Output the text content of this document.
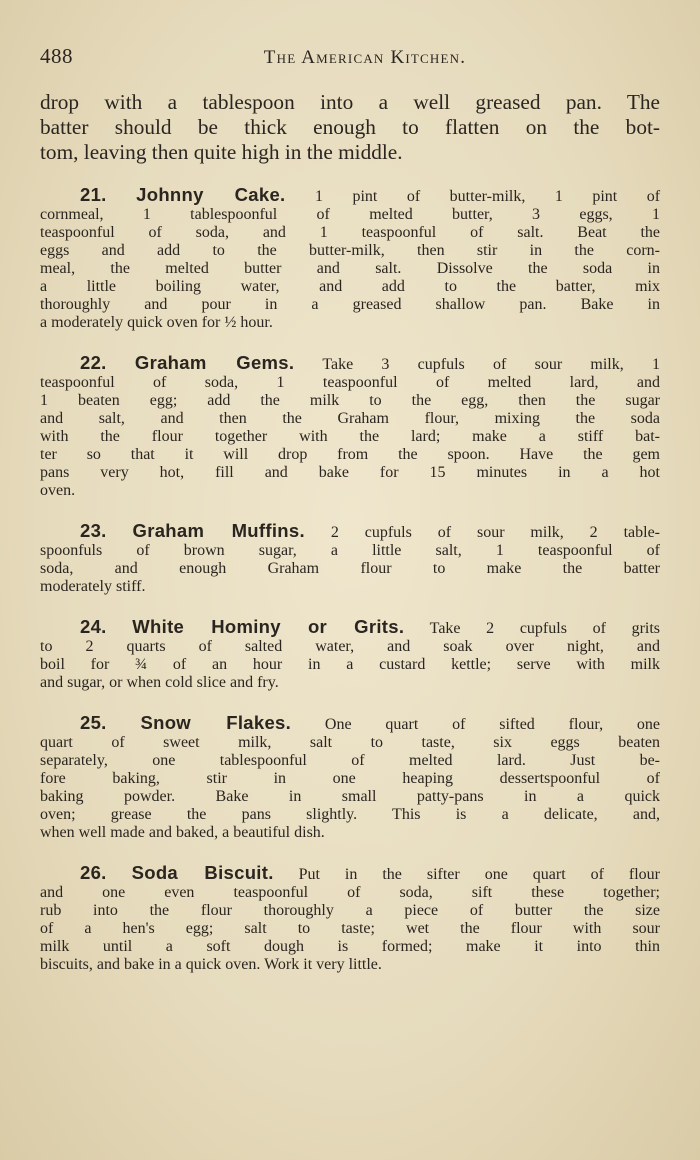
488	The American Kitchen.
drop with a tablespoon into a well greased pan. The
batter should be thick enough to flatten on the bot-
tom, leaving then quite high in the middle.
21. Johnny Cake. 1 pint of butter-milk, 1 pint of
cornmeal, 1 tablespoonful of melted butter, 3 eggs, 1
teaspoonful of soda, and 1 teaspoonful of salt. Beat the
eggs and add to the butter-milk, then stir in the corn-
meal, the melted butter and salt. Dissolve the soda in
a little boiling water, and add to the batter, mix
thoroughly and pour in a greased shallow pan. Bake in
a moderately quick oven for ½ hour.
22. Graham Gems. Take 3 cupfuls of sour milk, 1
teaspoonful of soda, 1 teaspoonful of melted lard, and
1 beaten egg; add the milk to the egg, then the sugar
and salt, and then the Graham flour, mixing the soda
with the flour together with the lard; make a stiff bat-
ter so that it will drop from the spoon. Have the gem
pans very hot, fill and bake for 15 minutes in a hot
oven.
23. Graham Muffins. 2 cupfuls of sour milk, 2 table-
spoonfuls of brown sugar, a little salt, 1 teaspoonful of
soda, and enough Graham flour to make the batter
moderately stiff.
24. White Hominy or Grits. Take 2 cupfuls of grits
to 2 quarts of salted water, and soak over night, and
boil for ¾ of an hour in a custard kettle; serve with milk
and sugar, or when cold slice and fry.
25. Snow Flakes. One quart of sifted flour, one
quart of sweet milk, salt to taste, six eggs beaten
separately, one tablespoonful of melted lard. Just be-
fore baking, stir in one heaping dessertspoonful of
baking powder. Bake in small patty-pans in a quick
oven; grease the pans slightly. This is a delicate, and,
when well made and baked, a beautiful dish.
26. Soda Biscuit. Put in the sifter one quart of flour
and one even teaspoonful of soda, sift these together;
rub into the flour thoroughly a piece of butter the size
of a hen's egg; salt to taste; wet the flour with sour
milk until a soft dough is formed; make it into thin
biscuits, and bake in a quick oven. Work it very little.
